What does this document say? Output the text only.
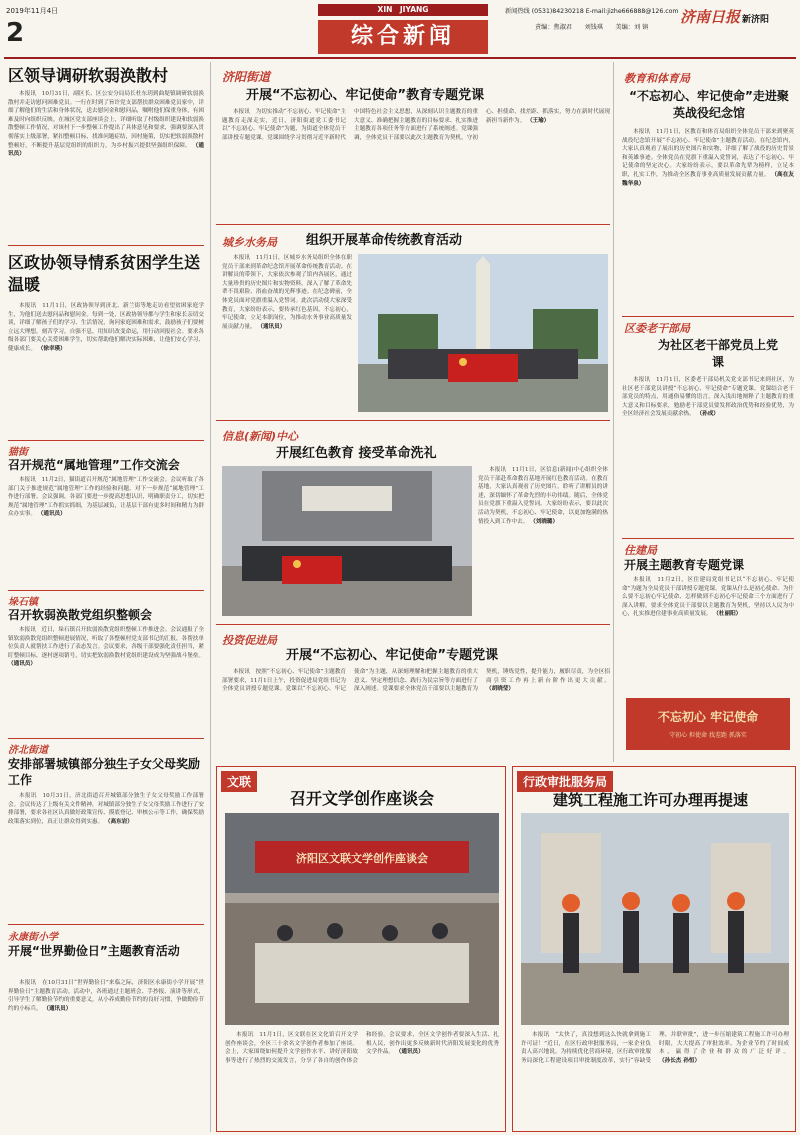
2019年11月4日
2
XIN　JIYANG	新闻热线 (0531)84230218 E-mail:jizhe666888@126.com
責编：焦淑君　　刘钱琪　　美编：刘 镇
综合新闻
济南日报 新济阳
区领导调研软弱涣散村
本报讯　10月31日，副区长、区公安分局局长杜东玥到曲堤镇调研软弱涣散村并走访慰问困难党员。一行在时到了旨许党支部帮扶群众困难党员家中，详细了解他们的生活和身体状况，送去慰问金和慰问品，嘱咐他们保重身体，有困难及时向组织反映。在城区党支部座谈会上，详细听取了村级组织建设和软弱涣散整顿工作情况，对该村下一步整顿工作提出了具体意见和要求，强调要深入贯彻落实上级部署，紧扣整顿目标，找准问题症结，因村施策，切实把软弱涣散村整顿好，不断提升基层党组织的组织力，为乡村振兴提供坚强组织保障。 （通讯员）
区政协领导情系贫困学生送温暖
本报讯　11月1日，区政协领导到济北、新兰街等地走访看望贫困家庭学生，为他们送去慰问品和慰问金。每到一处，区政协领导都与学生和家长亲切交谈，详细了解孩子们的学习、生活情况，询问家庭困难和需求，鼓励孩子们要树立远大理想，刻苦学习，自强不息，用知识改变命运，用行动回报社会。要求各级各部门要关心关爱困难学生，切实帮助他们解决实际困难，让他们安心学习、健康成长。 （徐幸瑛）
猫街
召开规范“属地管理”工作交流会
本报讯　11月2日，猫街道召开规范“属地管理”工作交流会。会议听取了各部门关于推进规范“属地管理”工作的经验和问题，对下一步规范“属地管理”工作进行部署。会议强调，各部门要进一步提高思想认识，明确职责分工，切实把规范“属地管理”工作抓实抓细，为基层减负，让基层干部有更多时间和精力为群众办实事。 （通讯员）
垛石镇
召开软弱涣散党组织整顿会
本报讯　近日，垛石镇召开软弱涣散党组织整顿工作推进会。会议通报了全镇软弱涣散党组织整顿进展情况，听取了各整顿村党支部书记的汇报，各帮扶单位负责人就帮扶工作进行了表态发言。会议要求，各级干部要强化责任担当，紧盯整顿目标，逐村逐项销号，切实把软弱涣散村党组织建设成为坚强战斗堡垒。 （通讯员）
济北街道
安排部署城镇部分独生子女父母奖励工作
本报讯　10月31日，济北街道召开城镇部分独生子女父母奖励工作部署会。会议传达了上级有关文件精神，对城镇部分独生子女父母奖励工作进行了安排部署，要求各社区认真做好政策宣传、摸底登记、审核公示等工作，确保奖励政策落实到位，真正让群众得到实惠。 （高东岩）
永康街小学
开展“世界勤俭日”主题教育活动
本报讯　在10月31日“世界勤俭日”来临之际，济阳区永康街小学开展“世界勤俭日”主题教育活动。活动中，各班通过主题班会、手抄报、演讲等形式，引导学生了解勤俭节约的重要意义，从小养成勤俭节约的良好习惯，争做勤俭节约的小标兵。 （通讯员）
济阳街道
开展“不忘初心、牢记使命”教育专题党课
本报讯　为切实推动“不忘初心、牢记使命”主题教育走深走实，近日，济阳街道党工委书记以“不忘初心、牢记使命”为题，为街道全体党员干部讲授专题党课。党课围绕学习贯彻习近平新时代中国特色社会主义思想，从深刻认识主题教育的重大意义、准确把握主题教育的目标要求、扎实推进主题教育各项任务等方面进行了系统阐述。党课强调，全体党员干部要以此次主题教育为契机，守初心、担使命，找差距、抓落实，努力在新时代展现新担当新作为。 （王瑜）
城乡水务局 组织开展革命传统教育活动
本报讯　11月1日，区城乡水务局组织全体在职党员干部来到革命纪念馆开展革命传统教育活动。在讲解员的带领下，大家依次参观了馆内各展区，通过大量珍贵的历史图片和实物资料，深入了解了革命先辈不畏艰险、浴血奋战的光辉事迹。在纪念碑前，全体党员面对党旗重温入党誓词。此次活动使大家深受教育，大家纷纷表示，要传承红色基因，不忘初心，牢记使命，立足本职岗位，为推动水务事业高质量发展贡献力量。 （通讯员）
信息(新闻)中心
开展红色教育 接受革命洗礼
本报讯　11月1日，区信息(新闻)中心组织全体党员干部赴革命教育基地开展红色教育活动。在教育基地，大家认真观看了历史图片，聆听了讲解员的讲述，深切缅怀了革命先烈的丰功伟绩。随后，全体党员在党旗下重温入党誓词。大家纷纷表示，要以此次活动为契机，不忘初心、牢记使命，以更加饱满的热情投入到工作中去。 （刘晓璐）
投资促进局
开展“不忘初心、牢记使命”专题党课
本报讯　按照“不忘初心、牢记使命”主题教育部署要求，11月1日上午，投资促进局党组书记为全体党员讲授专题党课。党课以“不忘初心、牢记使命”为主题，从深刻理解和把握主题教育的重大意义、坚定理想信念、践行为民宗旨等方面进行了深入阐述。党课要求全体党员干部要以主题教育为契机，锤炼党性，提升能力，履职尽责，为全区招商引资工作再上新台阶作出更大贡献。 （胡晓莹）
教育和体育局
“不忘初心、牢记使命”走进聚英战役纪念馆
本报讯　11月1日，区教育和体育局组织全体党员干部来到聚英战役纪念馆开展“不忘初心、牢记使命”主题教育活动。在纪念馆内，大家认真观看了展出的历史图片和实物，详细了解了战役的历史背景和英雄事迹。全体党员在党旗下重温入党誓词，表达了不忘初心、牢记使命的坚定决心。大家纷纷表示，要以革命先辈为榜样，立足本职，扎实工作，为推动全区教育事业高质量发展贡献力量。 （高在友 魏华泉）
区委老干部局
为社区老干部党员上党课
本报讯　11月1日，区委老干部局机关党支部书记来到社区，为社区老干部党员讲授“不忘初心、牢记使命”专题党课。党课结合老干部党员的特点，用通俗易懂的语言，深入浅出地阐释了主题教育的重大意义和目标要求，勉励老干部党员要发挥政治优势和经验优势，为全区经济社会发展贡献余热。 （孙成）
住建局
开展主题教育专题党课
本报讯　11月2日，区住建局党组书记以“不忘初心、牢记使命”为题为全局党员干部讲授专题党课。党课从什么是初心使命、为什么要不忘初心牢记使命、怎样做到不忘初心牢记使命三个方面进行了深入讲解，要求全体党员干部要以主题教育为契机，坚持以人民为中心，扎实推进住建事业高质量发展。 （杜丽阳）
不忘初心 牢记使命
守初心 担使命 找差距 抓落实
文联
召开文学创作座谈会
济阳区文联文学创作座谈会
本报讯　11月1日，区文联在区文化馆召开文学创作座谈会，全区三十余名文学创作者参加了座谈。会上，大家围绕如何提升文学创作水平、讲好济阳故事等进行了热烈的交流发言，分享了各自的创作体会和经验。会议要求，全区文学创作者要深入生活、扎根人民，创作出更多反映新时代济阳发展变化的优秀文学作品。 （通讯员）
行政审批服务局
建筑工程施工许可办理再提速
本报讯　“太快了，真没想到这么快就拿到施工许可证！”近日，在区行政审批服务局，一家企业负责人高兴地说。为持续优化营商环境，区行政审批服务局深化工程建设项目审批制度改革，实行“容缺受理、并联审批”，进一步压缩建筑工程施工许可办理时限，大大提高了审批效率，为企业节约了时间成本，赢得了企业和群众的广泛好评。 （孙长杰 孙恒）
